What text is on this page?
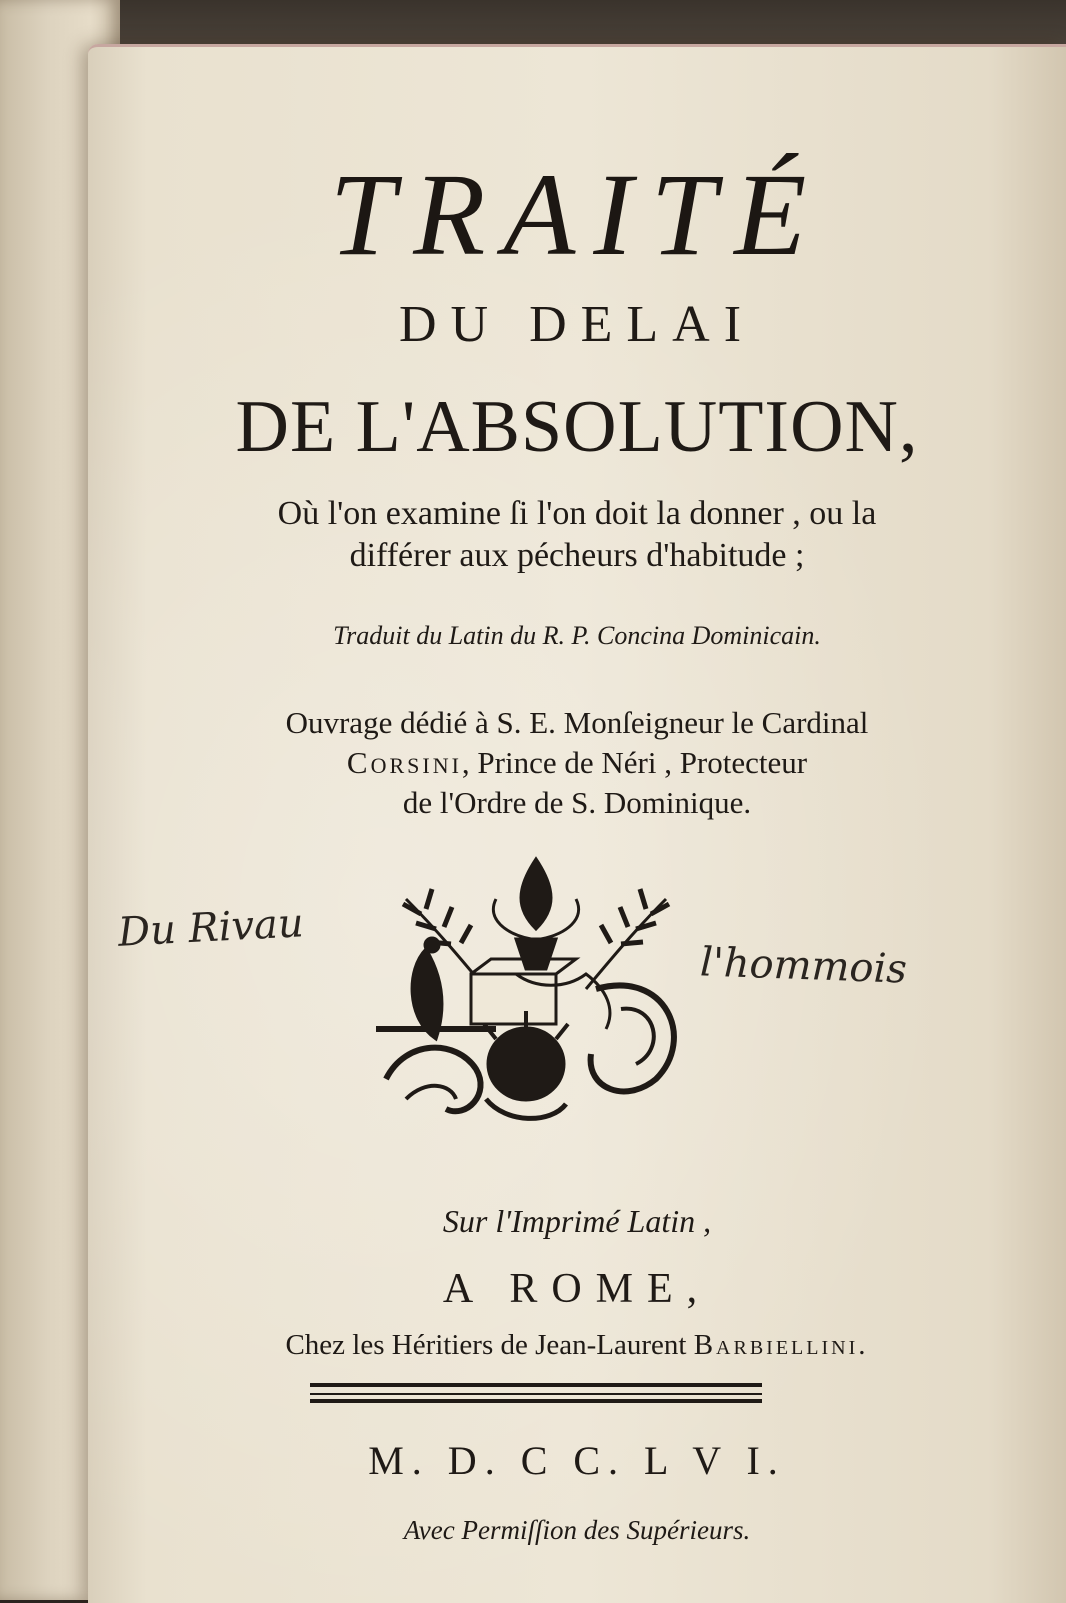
TRAITÉ
DU DELAI
DE L'ABSOLUTION,
Où l'on examine ſi l'on doit la donner , ou la
différer aux pécheurs d'habitude ;
Traduit du Latin du R. P. Concina Dominicain.
Ouvrage dédié à S. E. Monſeigneur le Cardinal
Corsini, Prince de Néri , Protecteur
de l'Ordre de S. Dominique.
Du Rivau
l'hommois
Sur l'Imprimé Latin ,
A ROME,
Chez les Héritiers de Jean-Laurent Barbiellini.
M. D. C C. L V I.
Avec Permiſſion des Supérieurs.
